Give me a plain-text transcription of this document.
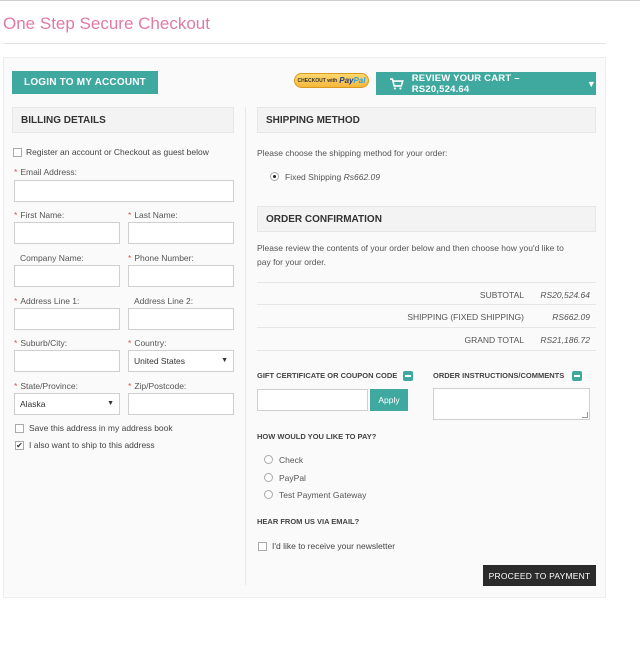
One Step Secure Checkout
LOGIN TO MY ACCOUNT	CHECKOUT with PayPal	REVIEW YOUR CART – RS20,524.64	▼
BILLING DETAILS
Register an account or Checkout as guest below
* Email Address:
* First Name:	* Last Name:
Company Name:	* Phone Number:
* Address Line 1:	Address Line 2:
* Suburb/City:	* Country:
United States	▼
* State/Province:	* Zip/Postcode:
Alaska	▼
Save this address in my address book
✔ I also want to ship to this address
SHIPPING METHOD
Please choose the shipping method for your order:
Fixed Shipping Rs662.09
ORDER CONFIRMATION
Please review the contents of your order below and then choose how you'd like to
pay for your order.
SUBTOTAL RS20,524.64
SHIPPING (FIXED SHIPPING)	RS662.09
GRAND TOTAL RS21,186.72
GIFT CERTIFICATE OR COUPON CODE	ORDER INSTRUCTIONS/COMMENTS
Apply
HOW WOULD YOU LIKE TO PAY?
Check
PayPal
Test Payment Gateway
HEAR FROM US VIA EMAIL?
I'd like to receive your newsletter
PROCEED TO PAYMENT
